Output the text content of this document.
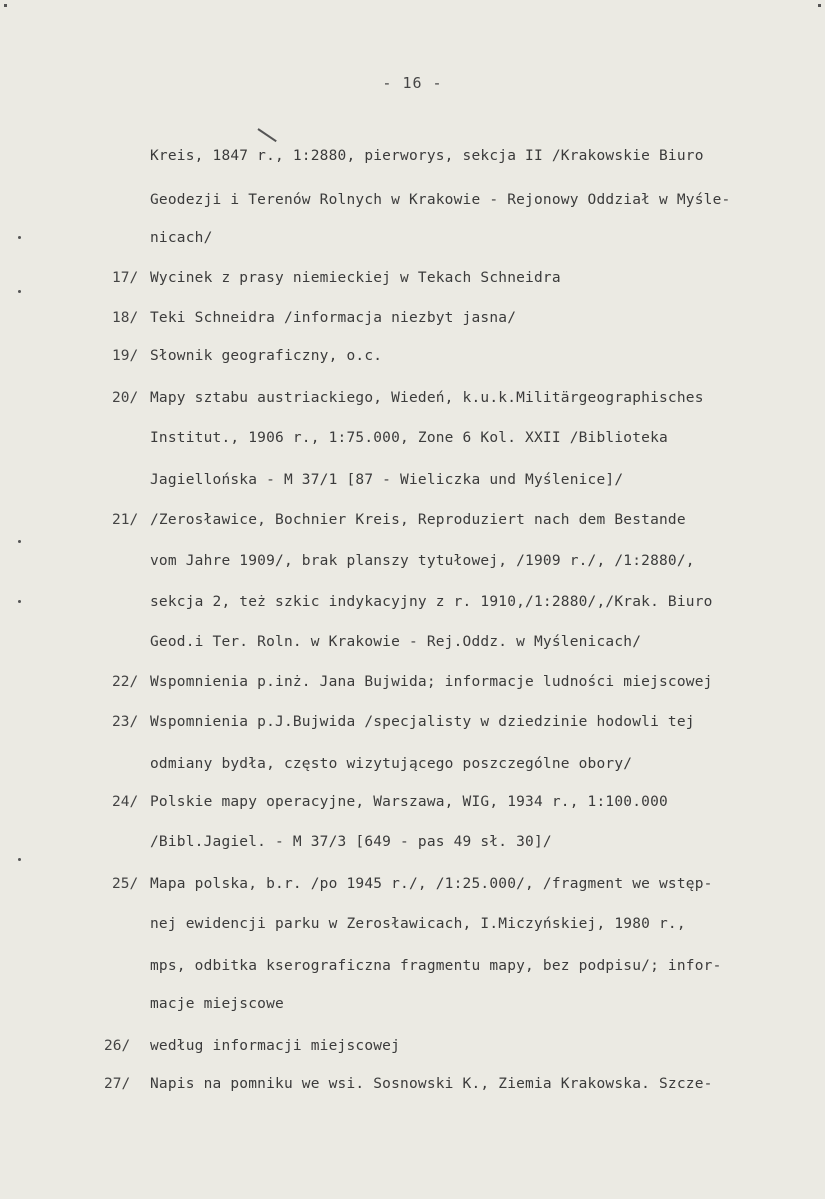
- 16 -
Kreis, 1847 r., 1:2880, pierworys, sekcja II /Krakowskie Biuro
Geodezji i Terenów Rolnych w Krakowie - Rejonowy Oddział w Myśle-
nicach/
17/ Wycinek z prasy niemieckiej w Tekach Schneidra
18/ Teki Schneidra /informacja niezbyt jasna/
19/ Słownik geograficzny, o.c.
20/ Mapy sztabu austriackiego, Wiedeń, k.u.k.Militärgeographisches
Institut., 1906 r., 1:75.000, Zone 6 Kol. XXII /Biblioteka
Jagiellońska - M 37/1 [87 - Wieliczka und Myślenice]/
21/ /Zerosławice, Bochnier Kreis, Reproduziert nach dem Bestande
vom Jahre 1909/, brak planszy tytułowej, /1909 r./, /1:2880/,
sekcja 2, też szkic indykacyjny z r. 1910,/1:2880/,/Krak. Biuro
Geod.i Ter. Roln. w Krakowie - Rej.Oddz. w Myślenicach/
22/ Wspomnienia p.inż. Jana Bujwida; informacje ludności miejscowej
23/ Wspomnienia p.J.Bujwida /specjalisty w dziedzinie hodowli tej
odmiany bydła, często wizytującego poszczególne obory/
24/ Polskie mapy operacyjne, Warszawa, WIG, 1934 r., 1:100.000
/Bibl.Jagiel. - M 37/3 [649 - pas 49 sł. 30]/
25/ Mapa polska, b.r. /po 1945 r./, /1:25.000/, /fragment we wstęp-
nej ewidencji parku w Zerosławicach, I.Miczyńskiej, 1980 r.,
mps, odbitka kserograficzna fragmentu mapy, bez podpisu/; infor-
macje miejscowe
26/ według informacji miejscowej
27/ Napis na pomniku we wsi. Sosnowski K., Ziemia Krakowska. Szcze-
